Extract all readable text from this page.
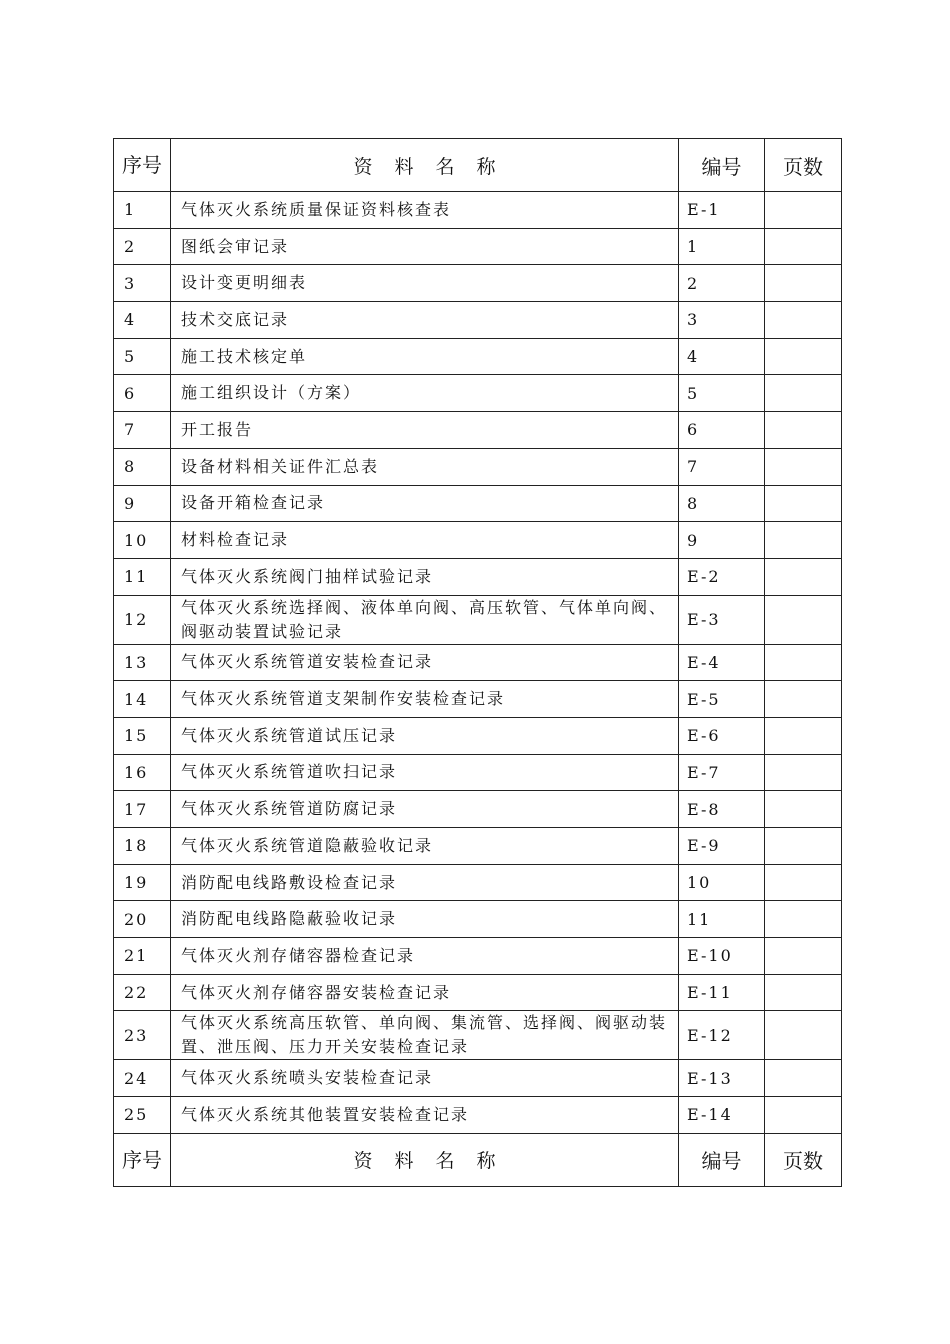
序号	资料名称	编号	页数
1	气体灭火系统质量保证资料核查表	E-1	
2	图纸会审记录	1	
3	设计变更明细表	2	
4	技术交底记录	3	
5	施工技术核定单	4	
6	施工组织设计（方案）	5	
7	开工报告	6	
8	设备材料相关证件汇总表	7	
9	设备开箱检查记录	8	
10	材料检查记录	9	
11	气体灭火系统阀门抽样试验记录	E-2	
12	气体灭火系统选择阀、液体单向阀、高压软管、气体单向阀、阀驱动装置试验记录	E-3	
13	气体灭火系统管道安装检查记录	E-4	
14	气体灭火系统管道支架制作安装检查记录	E-5	
15	气体灭火系统管道试压记录	E-6	
16	气体灭火系统管道吹扫记录	E-7	
17	气体灭火系统管道防腐记录	E-8	
18	气体灭火系统管道隐蔽验收记录	E-9	
19	消防配电线路敷设检查记录	10	
20	消防配电线路隐蔽验收记录	11	
21	气体灭火剂存储容器检查记录	E-10	
22	气体灭火剂存储容器安装检查记录	E-11	
23	气体灭火系统高压软管、单向阀、集流管、选择阀、阀驱动装置、泄压阀、压力开关安装检查记录	E-12	
24	气体灭火系统喷头安装检查记录	E-13	
25	气体灭火系统其他装置安装检查记录	E-14	
序号	资料名称	编号	页数
